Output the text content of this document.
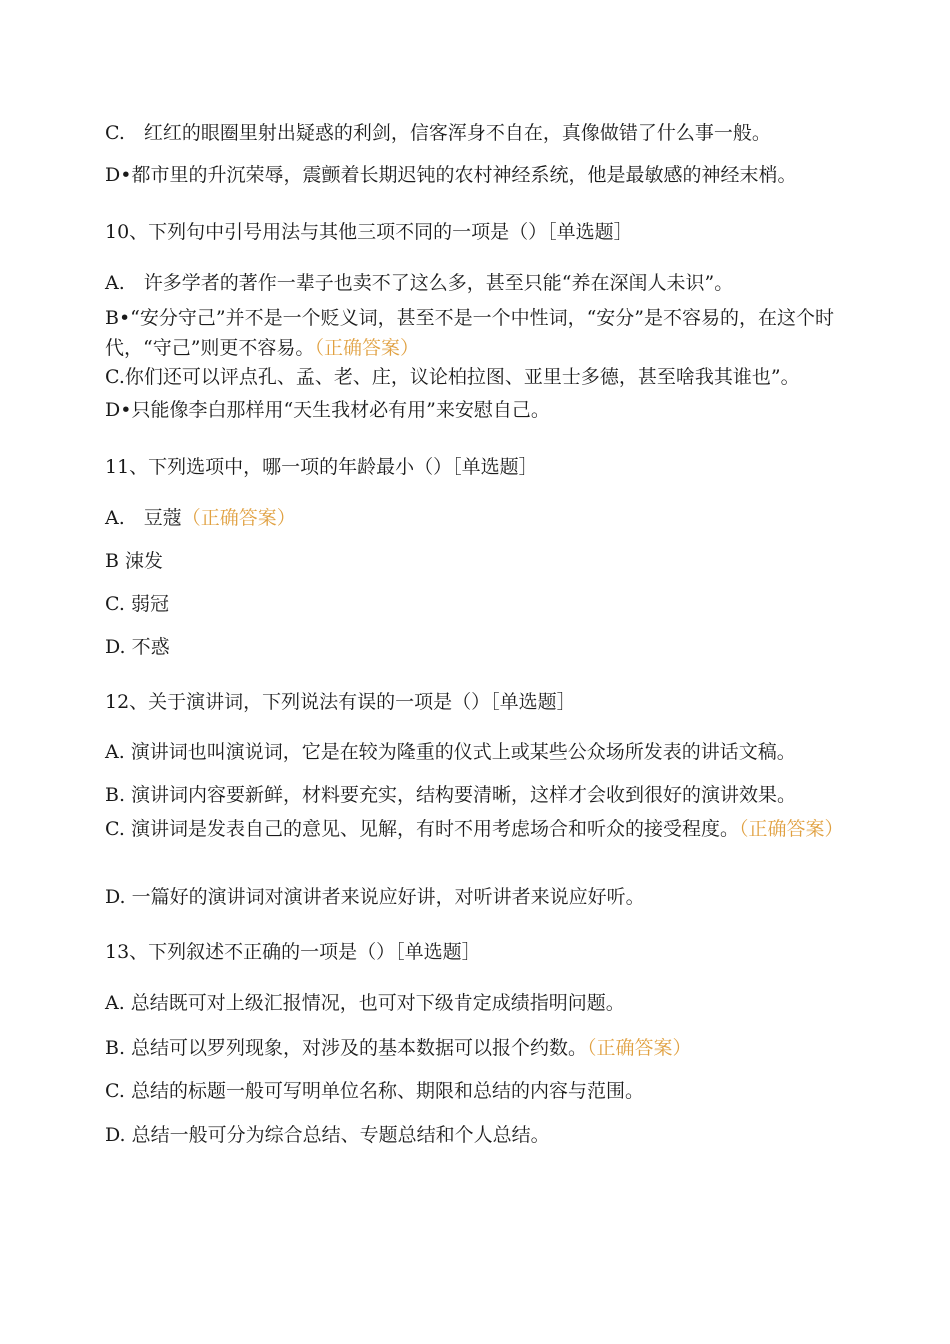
C.　红红的眼圈里射出疑惑的利剑，信客浑身不自在，真像做错了什么事一般。
D•都市里的升沉荣辱，震颤着长期迟钝的农村神经系统，他是最敏感的神经末梢。
10、下列句中引号用法与其他三项不同的一项是（）［单选题］
A.　许多学者的著作一辈子也卖不了这么多，甚至只能“养在深闺人未识”。
B•“安分守己”并不是一个贬义词，甚至不是一个中性词，“安分”是不容易的，在这个时代，“守己”则更不容易。（正确答案）
C.你们还可以评点孔、孟、老、庄，议论柏拉图、亚里士多德，甚至啥我其谁也”。
D•只能像李白那样用“天生我材必有用”来安慰自己。
11、下列选项中，哪一项的年龄最小（）［单选题］
A.　豆蔻（正确答案）
B 涑发
C. 弱冠
D. 不惑
12、关于演讲词，下列说法有误的一项是（）［单选题］
A. 演讲词也叫演说词，它是在较为隆重的仪式上或某些公众场所发表的讲话文稿。
B. 演讲词内容要新鲜，材料要充实，结构要清晰，这样才会收到很好的演讲效果。
C. 演讲词是发表自己的意见、见解，有时不用考虑场合和听众的接受程度。（正确答案）
D. 一篇好的演讲词对演讲者来说应好讲，对听讲者来说应好听。
13、下列叙述不正确的一项是（）［单选题］
A. 总结既可对上级汇报情况，也可对下级肯定成绩指明问题。
B. 总结可以罗列现象，对涉及的基本数据可以报个约数。（正确答案）
C. 总结的标题一般可写明单位名称、期限和总结的内容与范围。
D. 总结一般可分为综合总结、专题总结和个人总结。
